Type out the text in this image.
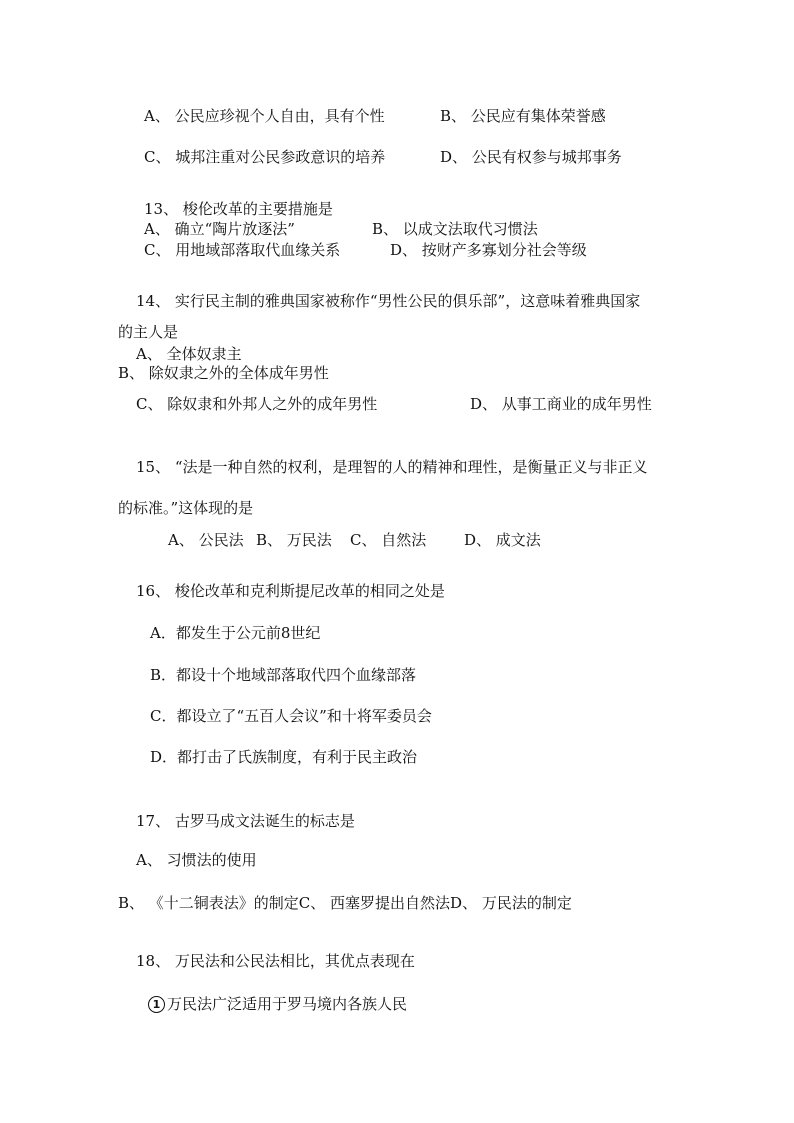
A、 公民应珍视个人自由，具有个性	B、 公民应有集体荣誉感
C、 城邦注重对公民参政意识的培养	D、 公民有权参与城邦事务
13、 梭伦改革的主要措施是
A、 确立“陶片放逐法”	B、 以成文法取代习惯法
C、 用地域部落取代血缘关系	D、 按财产多寡划分社会等级
14、 实行民主制的雅典国家被称作“男性公民的俱乐部”，这意味着雅典国家
的主人是
A、 全体奴隶主
B、 除奴隶之外的全体成年男性
C、 除奴隶和外邦人之外的成年男性	D、 从事工商业的成年男性
15、 “法是一种自然的权利，是理智的人的精神和理性，是衡量正义与非正义
的标准。”这体现的是
A、 公民法 B、 万民法 C、 自然法	D、 成文法
16、 梭伦改革和克利斯提尼改革的相同之处是
A．都发生于公元前8世纪
B．都设十个地域部落取代四个血缘部落
C．都设立了“五百人会议”和十将军委员会
D．都打击了氏族制度，有利于民主政治
17、 古罗马成文法诞生的标志是
A、 习惯法的使用
B、 《十二铜表法》的制定C、 西塞罗提出自然法D、 万民法的制定
18、 万民法和公民法相比，其优点表现在
1 万民法广泛适用于罗马境内各族人民
